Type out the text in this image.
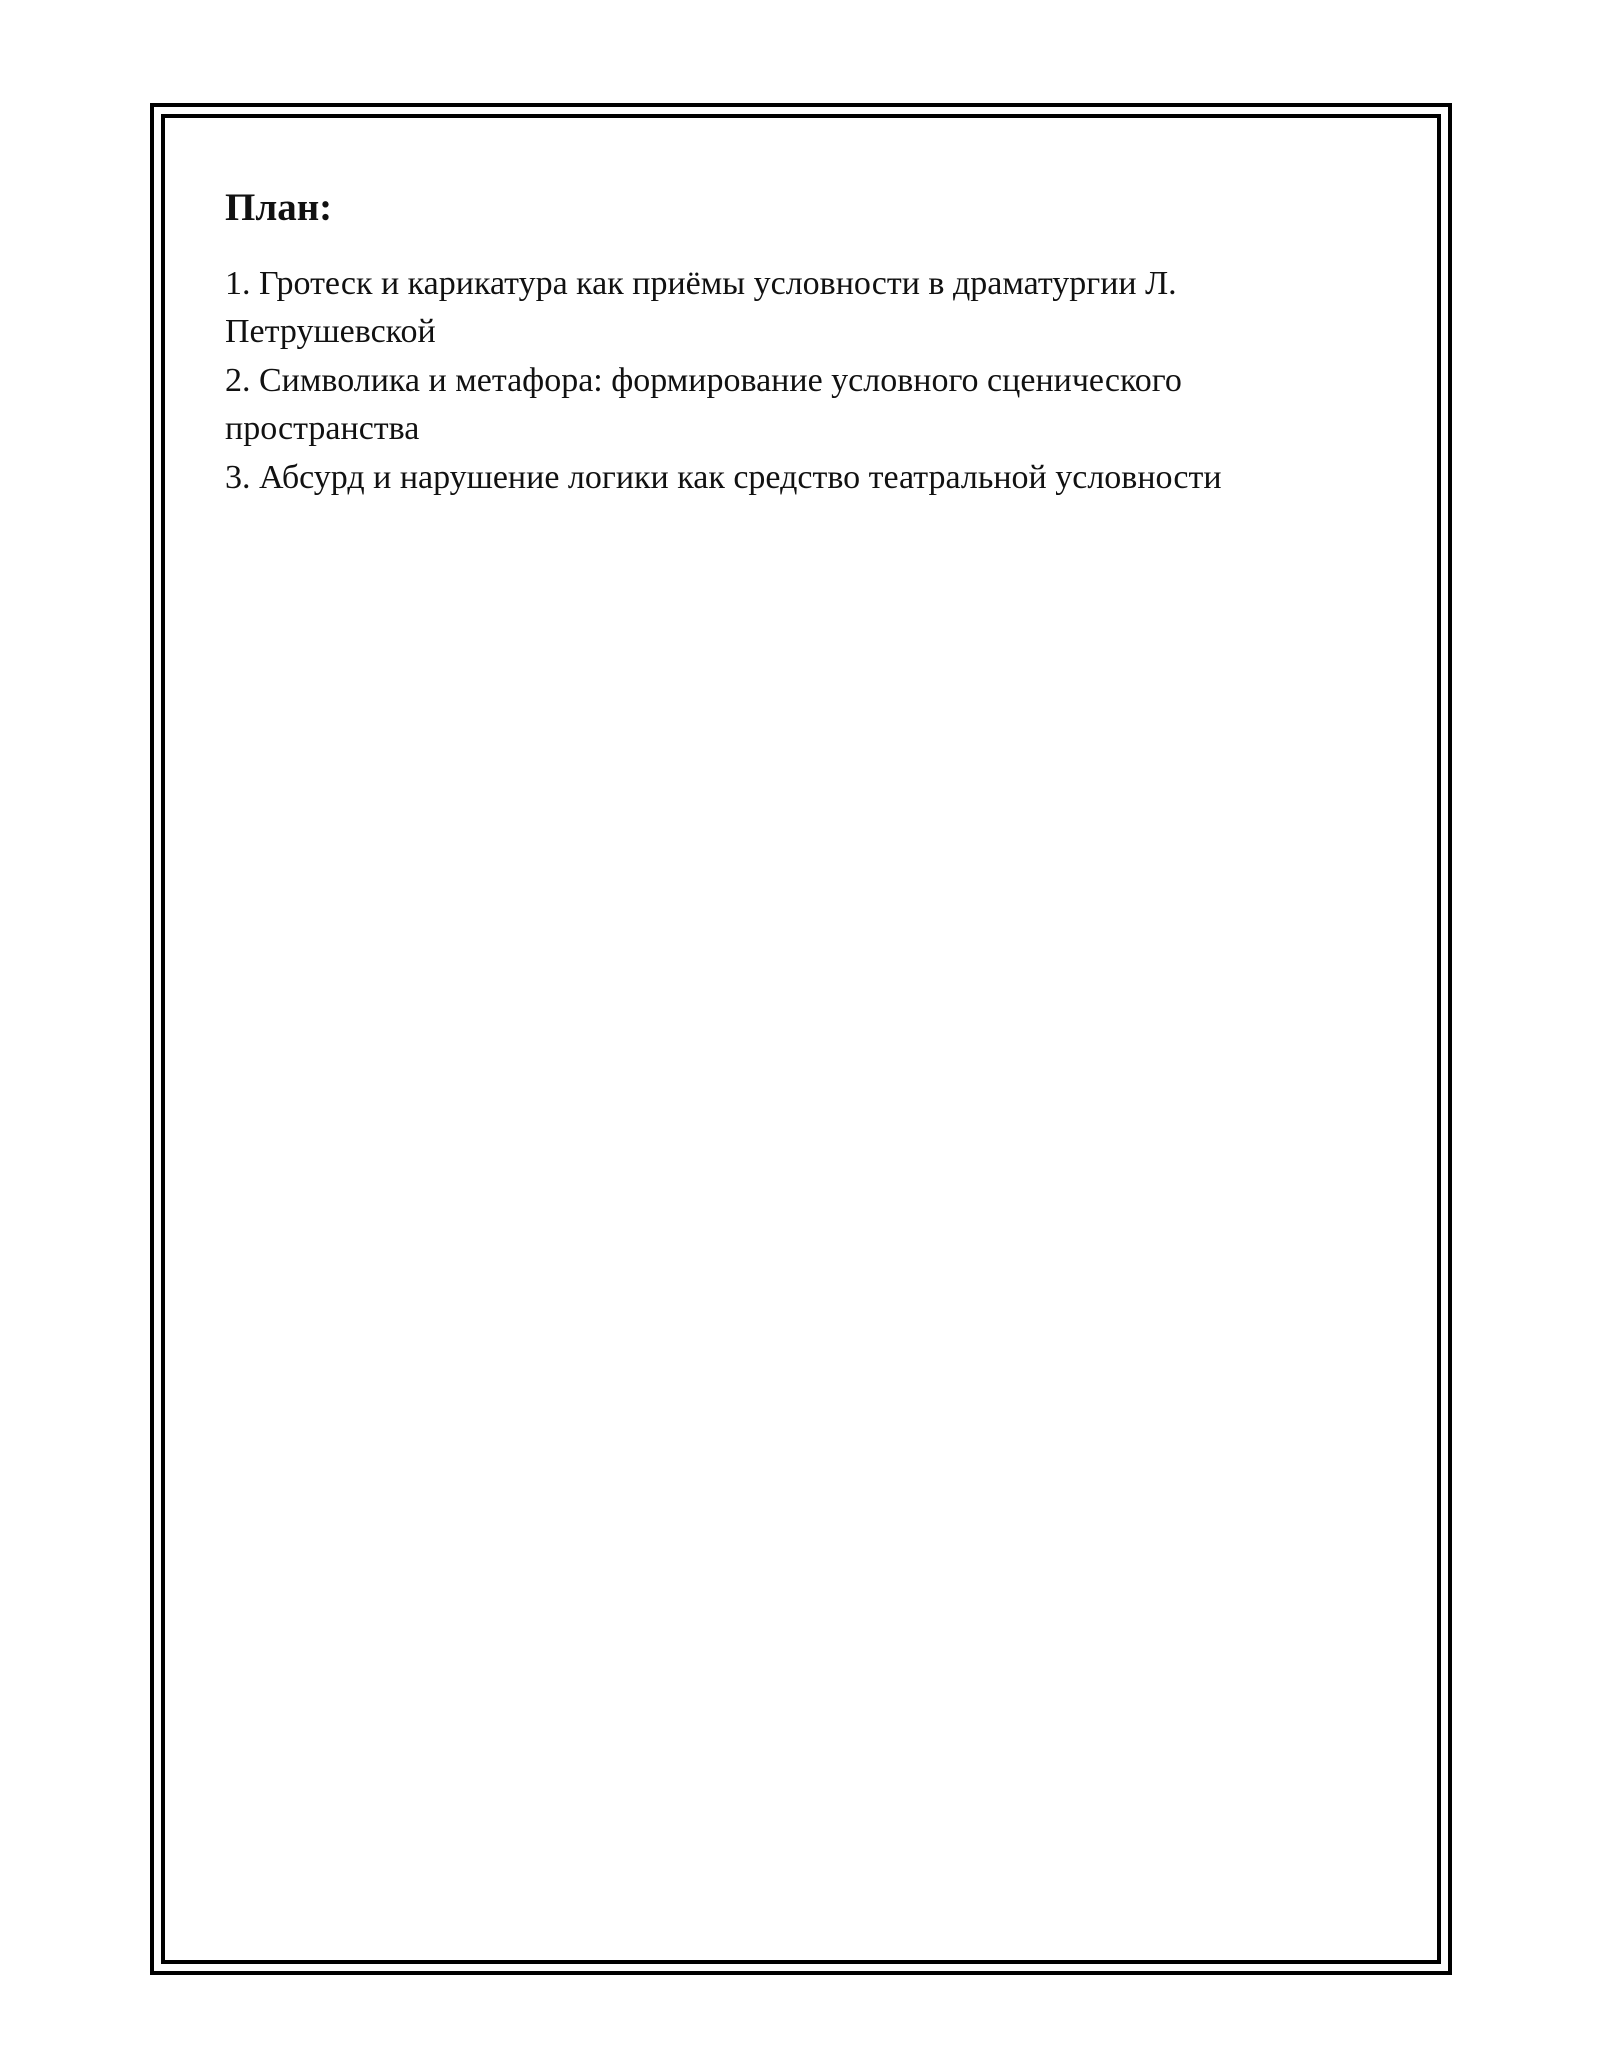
План:
1. Гротеск и карикатура как приёмы условности в драматургии Л. Петрушевской
2. Символика и метафора: формирование условного сценического пространства
3. Абсурд и нарушение логики как средство театральной условности
